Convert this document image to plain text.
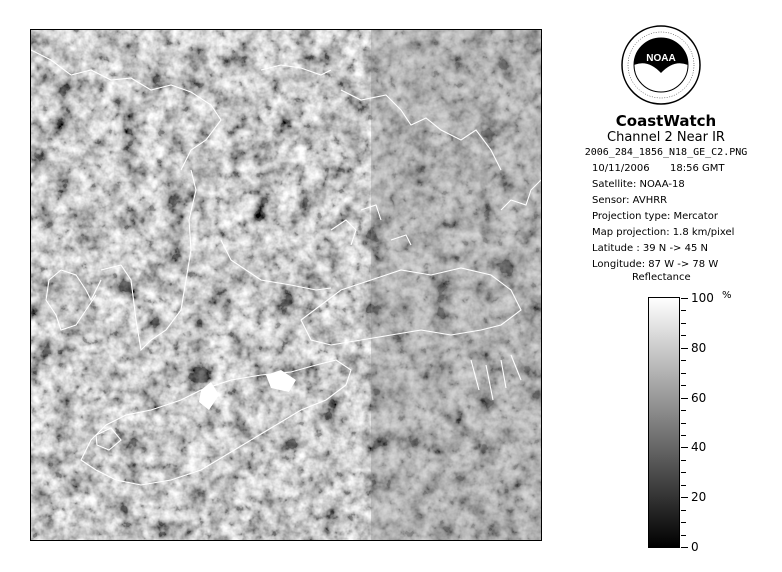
NOAA
CoastWatch
Channel 2 Near IR
2006_284_1856_N18_GE_C2.PNG
10/11/2006 18:56 GMT
Satellite: NOAA-18
Sensor: AVHRR
Projection type: Mercator
Map projection: 1.8 km/pixel
Latitude : 39 N -> 45 N
Longitude: 87 W -> 78 W
Reflectance
%
100
80
60
40
20
0
